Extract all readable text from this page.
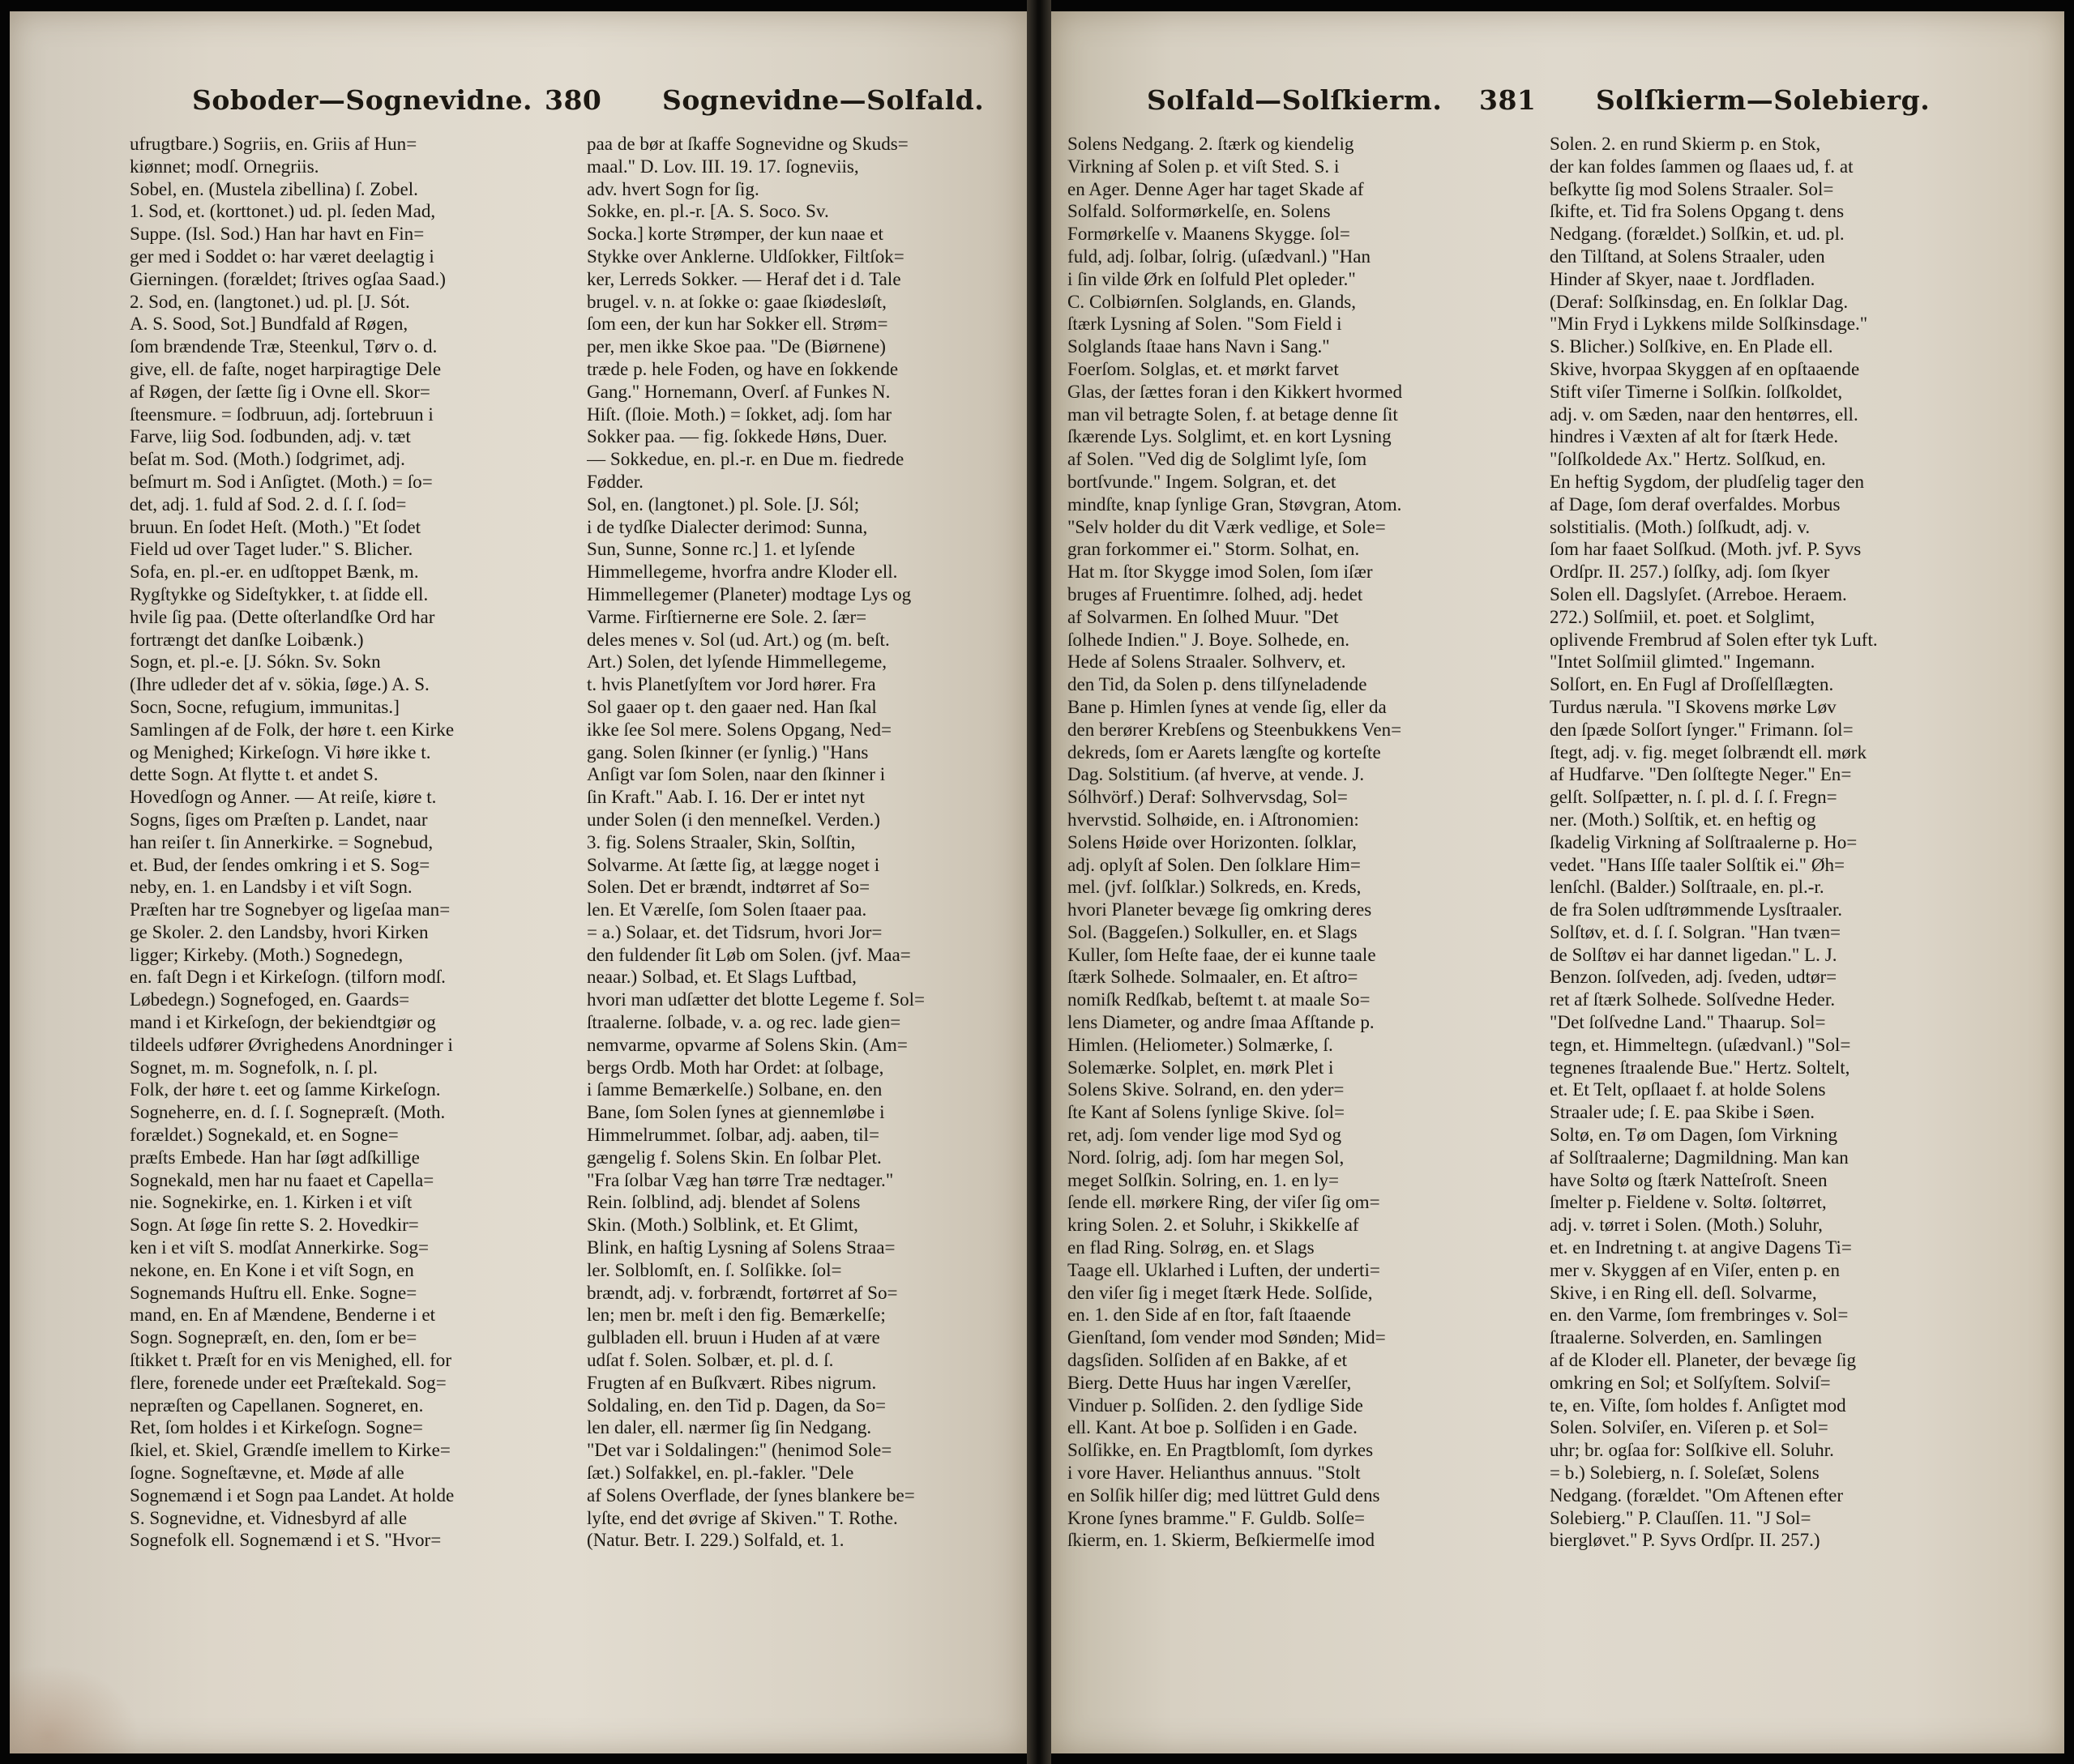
Soboder—Sognevidne. 380 Sognevidne—Solfald.
ufrugtbare.) Sogriis, en. Griis af Hun=
kiønnet; modſ. Ornegriis.
Sobel, en. (Mustela zibellina) ſ. Zobel.
1. Sod, et. (korttonet.) ud. pl. ſeden Mad,
Suppe. (Isl. Sod.) Han har havt en Fin=
ger med i Soddet o: har været deelagtig i
Gierningen. (forældet; ſtrives ogſaa Saad.)
2. Sod, en. (langtonet.) ud. pl. [J. Sót.
A. S. Sood, Sot.] Bundfald af Røgen,
ſom brændende Træ, Steenkul, Tørv o. d.
give, ell. de faſte, noget harpiragtige Dele
af Røgen, der ſætte ſig i Ovne ell. Skor=
ſteensmure. = ſodbruun, adj. ſortebruun i
Farve, liig Sod. ſodbunden, adj. v. tæt
beſat m. Sod. (Moth.) ſodgrimet, adj.
beſmurt m. Sod i Anſigtet. (Moth.) = ſo=
det, adj. 1. fuld af Sod. 2. d. ſ. ſ. ſod=
bruun. En ſodet Heſt. (Moth.) "Et ſodet
Field ud over Taget luder." S. Blicher.
Sofa, en. pl.-er. en udſtoppet Bænk, m.
Rygſtykke og Sideſtykker, t. at ſidde ell.
hvile ſig paa. (Dette oſterlandſke Ord har
fortrængt det danſke Loibænk.)
Sogn, et. pl.-e. [J. Sókn. Sv. Sokn
(Ihre udleder det af v. sökia, ſøge.) A. S.
Socn, Socne, refugium, immunitas.]
Samlingen af de Folk, der høre t. een Kirke
og Menighed; Kirkeſogn. Vi høre ikke t.
dette Sogn. At flytte t. et andet S.
Hovedſogn og Anner. — At reiſe, kiøre t.
Sogns, ſiges om Præſten p. Landet, naar
han reiſer t. ſin Annerkirke. = Sognebud,
et. Bud, der ſendes omkring i et S. Sog=
neby, en. 1. en Landsby i et viſt Sogn.
Præſten har tre Sognebyer og ligeſaa man=
ge Skoler. 2. den Landsby, hvori Kirken
ligger; Kirkeby. (Moth.) Sognedegn,
en. faſt Degn i et Kirkeſogn. (tilforn modſ.
Løbedegn.) Sognefoged, en. Gaards=
mand i et Kirkeſogn, der bekiendtgiør og
tildeels udfører Øvrighedens Anordninger i
Sognet, m. m. Sognefolk, n. ſ. pl.
Folk, der høre t. eet og ſamme Kirkeſogn.
Sogneherre, en. d. ſ. ſ. Sognepræſt. (Moth.
forældet.) Sognekald, et. en Sogne=
præſts Embede. Han har ſøgt adſkillige
Sognekald, men har nu faaet et Capella=
nie. Sognekirke, en. 1. Kirken i et viſt
Sogn. At ſøge ſin rette S. 2. Hovedkir=
ken i et viſt S. modſat Annerkirke. Sog=
nekone, en. En Kone i et viſt Sogn, en
Sognemands Huſtru ell. Enke. Sogne=
mand, en. En af Mændene, Benderne i et
Sogn. Sognepræſt, en. den, ſom er be=
ſtikket t. Præſt for en vis Menighed, ell. for
flere, forenede under eet Præſtekald. Sog=
nepræſten og Capellanen. Sogneret, en.
Ret, ſom holdes i et Kirkeſogn. Sogne=
ſkiel, et. Skiel, Grændſe imellem to Kirke=
ſogne. Sogneſtævne, et. Møde af alle
Sognemænd i et Sogn paa Landet. At holde
S. Sognevidne, et. Vidnesbyrd af alle
Sognefolk ell. Sognemænd i et S. "Hvor=
paa de bør at ſkaffe Sognevidne og Skuds=
maal." D. Lov. III. 19. 17. ſogneviis,
adv. hvert Sogn for ſig.
Sokke, en. pl.-r. [A. S. Soco. Sv.
Socka.] korte Strømper, der kun naae et
Stykke over Anklerne. Uldſokker, Filtſok=
ker, Lerreds Sokker. — Heraf det i d. Tale
brugel. v. n. at ſokke o: gaae ſkiødesløſt,
ſom een, der kun har Sokker ell. Strøm=
per, men ikke Skoe paa. "De (Biørnene)
træde p. hele Foden, og have en ſokkende
Gang." Hornemann, Overſ. af Funkes N.
Hiſt. (ſloie. Moth.) = ſokket, adj. ſom har
Sokker paa. — fig. ſokkede Høns, Duer.
— Sokkedue, en. pl.-r. en Due m. fiedrede
Fødder.
Sol, en. (langtonet.) pl. Sole. [J. Sól;
i de tydſke Dialecter derimod: Sunna,
Sun, Sunne, Sonne rc.] 1. et lyſende
Himmellegeme, hvorfra andre Kloder ell.
Himmellegemer (Planeter) modtage Lys og
Varme. Firſtiernerne ere Sole. 2. ſær=
deles menes v. Sol (ud. Art.) og (m. beſt.
Art.) Solen, det lyſende Himmellegeme,
t. hvis Planetſyſtem vor Jord hører. Fra
Sol gaaer op t. den gaaer ned. Han ſkal
ikke ſee Sol mere. Solens Opgang, Ned=
gang. Solen ſkinner (er ſynlig.) "Hans
Anſigt var ſom Solen, naar den ſkinner i
ſin Kraft." Aab. I. 16. Der er intet nyt
under Solen (i den menneſkel. Verden.)
3. fig. Solens Straaler, Skin, Solſtin,
Solvarme. At ſætte ſig, at lægge noget i
Solen. Det er brændt, indtørret af So=
len. Et Værelſe, ſom Solen ſtaaer paa.
= a.) Solaar, et. det Tidsrum, hvori Jor=
den fuldender ſit Løb om Solen. (jvf. Maa=
neaar.) Solbad, et. Et Slags Luftbad,
hvori man udſætter det blotte Legeme f. Sol=
ſtraalerne. ſolbade, v. a. og rec. lade gien=
nemvarme, opvarme af Solens Skin. (Am=
bergs Ordb. Moth har Ordet: at ſolbage,
i ſamme Bemærkelſe.) Solbane, en. den
Bane, ſom Solen ſynes at giennemløbe i
Himmelrummet. ſolbar, adj. aaben, til=
gængelig f. Solens Skin. En ſolbar Plet.
"Fra ſolbar Væg han tørre Træ nedtager."
Rein. ſolblind, adj. blendet af Solens
Skin. (Moth.) Solblink, et. Et Glimt,
Blink, en haſtig Lysning af Solens Straa=
ler. Solblomſt, en. ſ. Solſikke. ſol=
brændt, adj. v. forbrændt, fortørret af So=
len; men br. meſt i den fig. Bemærkelſe;
gulbladen ell. bruun i Huden af at være
udſat f. Solen. Solbær, et. pl. d. ſ.
Frugten af en Buſkvært. Ribes nigrum.
Soldaling, en. den Tid p. Dagen, da So=
len daler, ell. nærmer ſig ſin Nedgang.
"Det var i Soldalingen:" (henimod Sole=
ſæt.) Solfakkel, en. pl.-fakler. "Dele
af Solens Overflade, der ſynes blankere be=
lyſte, end det øvrige af Skiven." T. Rothe.
(Natur. Betr. I. 229.) Solfald, et. 1.
Solfald—Solſkierm. 381 Solſkierm—Solebierg.
Solens Nedgang. 2. ſtærk og kiendelig
Virkning af Solen p. et viſt Sted. S. i
en Ager. Denne Ager har taget Skade af
Solfald. Solformørkelſe, en. Solens
Formørkelſe v. Maanens Skygge. ſol=
fuld, adj. ſolbar, ſolrig. (uſædvanl.) "Han
i ſin vilde Ørk en ſolfuld Plet opleder."
C. Colbiørnſen. Solglands, en. Glands,
ſtærk Lysning af Solen. "Som Field i
Solglands ſtaae hans Navn i Sang."
Foerſom. Solglas, et. et mørkt farvet
Glas, der ſættes foran i den Kikkert hvormed
man vil betragte Solen, f. at betage denne ſit
ſkærende Lys. Solglimt, et. en kort Lysning
af Solen. "Ved dig de Solglimt lyſe, ſom
bortſvunde." Ingem. Solgran, et. det
mindſte, knap ſynlige Gran, Støvgran, Atom.
"Selv holder du dit Værk vedlige, et Sole=
gran forkommer ei." Storm. Solhat, en.
Hat m. ſtor Skygge imod Solen, ſom iſær
bruges af Fruentimre. ſolhed, adj. hedet
af Solvarmen. En ſolhed Muur. "Det
ſolhede Indien." J. Boye. Solhede, en.
Hede af Solens Straaler. Solhverv, et.
den Tid, da Solen p. dens tilſyneladende
Bane p. Himlen ſynes at vende ſig, eller da
den berører Krebſens og Steenbukkens Ven=
dekreds, ſom er Aarets længſte og korteſte
Dag. Solstitium. (af hverve, at vende. J.
Sólhvörf.) Deraf: Solhvervsdag, Sol=
hvervstid. Solhøide, en. i Aſtronomien:
Solens Høide over Horizonten. ſolklar,
adj. oplyſt af Solen. Den ſolklare Him=
mel. (jvf. ſolſklar.) Solkreds, en. Kreds,
hvori Planeter bevæge ſig omkring deres
Sol. (Baggeſen.) Solkuller, en. et Slags
Kuller, ſom Heſte faae, der ei kunne taale
ſtærk Solhede. Solmaaler, en. Et aſtro=
nomiſk Redſkab, beſtemt t. at maale So=
lens Diameter, og andre ſmaa Afſtande p.
Himlen. (Heliometer.) Solmærke, ſ.
Solemærke. Solplet, en. mørk Plet i
Solens Skive. Solrand, en. den yder=
ſte Kant af Solens ſynlige Skive. ſol=
ret, adj. ſom vender lige mod Syd og
Nord. ſolrig, adj. ſom har megen Sol,
meget Solſkin. Solring, en. 1. en ly=
ſende ell. mørkere Ring, der viſer ſig om=
kring Solen. 2. et Soluhr, i Skikkelſe af
en flad Ring. Solrøg, en. et Slags
Taage ell. Uklarhed i Luften, der underti=
den viſer ſig i meget ſtærk Hede. Solſide,
en. 1. den Side af en ſtor, faſt ſtaaende
Gienſtand, ſom vender mod Sønden; Mid=
dagsſiden. Solſiden af en Bakke, af et
Bierg. Dette Huus har ingen Værelſer,
Vinduer p. Solſiden. 2. den ſydlige Side
ell. Kant. At boe p. Solſiden i en Gade.
Solſikke, en. En Pragtblomſt, ſom dyrkes
i vore Haver. Helianthus annuus. "Stolt
en Solſik hilſer dig; med lüttret Guld dens
Krone ſynes bramme." F. Guldb. Solſe=
ſkierm, en. 1. Skierm, Beſkiermelſe imod
Solen. 2. en rund Skierm p. en Stok,
der kan foldes ſammen og ſlaaes ud, f. at
beſkytte ſig mod Solens Straaler. Sol=
ſkifte, et. Tid fra Solens Opgang t. dens
Nedgang. (forældet.) Solſkin, et. ud. pl.
den Tilſtand, at Solens Straaler, uden
Hinder af Skyer, naae t. Jordfladen.
(Deraf: Solſkinsdag, en. En ſolklar Dag.
"Min Fryd i Lykkens milde Solſkinsdage."
S. Blicher.) Solſkive, en. En Plade ell.
Skive, hvorpaa Skyggen af en opſtaaende
Stift viſer Timerne i Solſkin. ſolſkoldet,
adj. v. om Sæden, naar den hentørres, ell.
hindres i Væxten af alt for ſtærk Hede.
"ſolſkoldede Ax." Hertz. Solſkud, en.
En heftig Sygdom, der pludſelig tager den
af Dage, ſom deraf overfaldes. Morbus
solstitialis. (Moth.) ſolſkudt, adj. v.
ſom har faaet Solſkud. (Moth. jvf. P. Syvs
Ordſpr. II. 257.) ſolſky, adj. ſom ſkyer
Solen ell. Dagslyſet. (Arreboe. Heraem.
272.) Solſmiil, et. poet. et Solglimt,
oplivende Frembrud af Solen efter tyk Luft.
"Intet Solſmiil glimted." Ingemann.
Solſort, en. En Fugl af Droſſelſlægten.
Turdus nærula. "I Skovens mørke Løv
den ſpæde Solſort ſynger." Frimann. ſol=
ſtegt, adj. v. fig. meget ſolbrændt ell. mørk
af Hudfarve. "Den ſolſtegte Neger." En=
gelſt. Solſpætter, n. ſ. pl. d. ſ. ſ. Fregn=
ner. (Moth.) Solſtik, et. en heftig og
ſkadelig Virkning af Solſtraalerne p. Ho=
vedet. "Hans Iſſe taaler Solſtik ei." Øh=
lenſchl. (Balder.) Solſtraale, en. pl.-r.
de fra Solen udſtrømmende Lysſtraaler.
Solſtøv, et. d. ſ. ſ. Solgran. "Han tvæn=
de Solſtøv ei har dannet ligedan." L. J.
Benzon. ſolſveden, adj. ſveden, udtør=
ret af ſtærk Solhede. Solſvedne Heder.
"Det ſolſvedne Land." Thaarup. Sol=
tegn, et. Himmeltegn. (uſædvanl.) "Sol=
tegnenes ſtraalende Bue." Hertz. Soltelt,
et. Et Telt, opſlaaet f. at holde Solens
Straaler ude; ſ. E. paa Skibe i Søen.
Soltø, en. Tø om Dagen, ſom Virkning
af Solſtraalerne; Dagmildning. Man kan
have Soltø og ſtærk Natteſroſt. Sneen
ſmelter p. Fieldene v. Soltø. ſoltørret,
adj. v. tørret i Solen. (Moth.) Soluhr,
et. en Indretning t. at angive Dagens Ti=
mer v. Skyggen af en Viſer, enten p. en
Skive, i en Ring ell. deſl. Solvarme,
en. den Varme, ſom frembringes v. Sol=
ſtraalerne. Solverden, en. Samlingen
af de Kloder ell. Planeter, der bevæge ſig
omkring en Sol; et Solſyſtem. Solviſ=
te, en. Viſte, ſom holdes f. Anſigtet mod
Solen. Solviſer, en. Viſeren p. et Sol=
uhr; br. ogſaa for: Solſkive ell. Soluhr.
= b.) Solebierg, n. ſ. Soleſæt, Solens
Nedgang. (forældet. "Om Aftenen efter
Solebierg." P. Clauſſen. 11. "J Sol=
biergløvet." P. Syvs Ordſpr. II. 257.)
